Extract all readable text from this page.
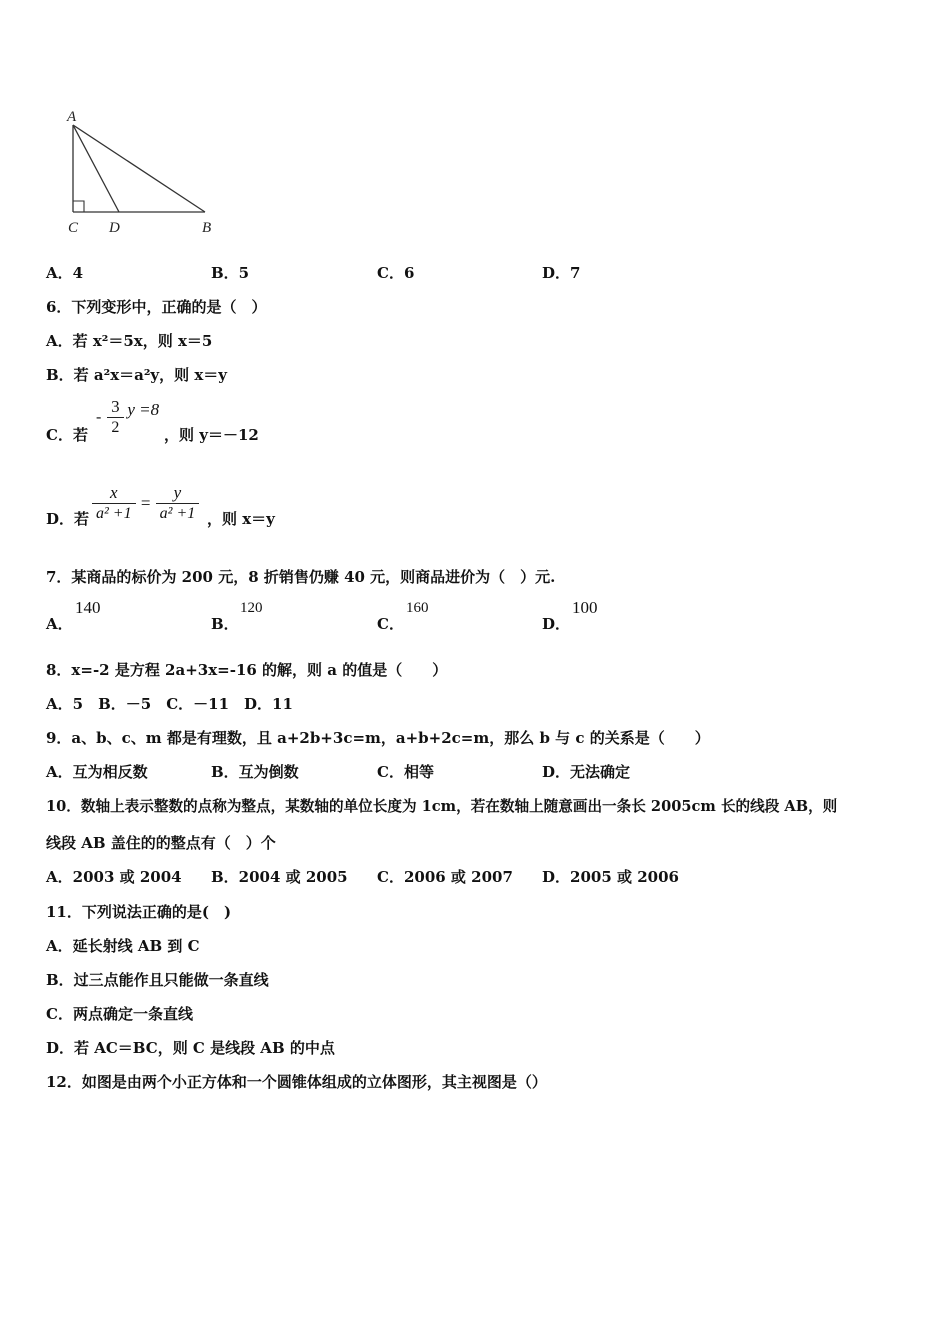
A
C D	B
A．4	B．5	C．6	D．7
6．下列变形中，正确的是（　）
A．若 x²＝5x，则 x＝5
B．若 a²x＝a²y，则 x＝y
C．若
- $\frac{3}{2}$ y =8
，则 y＝－12
D．若 $\frac{x}{\text{a² +1}} = \frac{y}{\text{a² +1}}$ ，则 x＝y
7．某商品的标价为 200 元，8 折销售仍赚 40 元，则商品进价为（　）元.
A．
140
B．
120
C．
160
D．
100
8．x=-2 是方程 2a+3x=-16 的解，则 a 的值是（　　）
A．5　B．－5　C．－11　D．11
9．a、b、c、m 都是有理数，且 a+2b+3c=m，a+b+2c=m，那么 b 与 c 的关系是（　　）
A．互为相反数	B．互为倒数	C．相等	D．无法确定
10．数轴上表示整数的点称为整点，某数轴的单位长度为 1cm，若在数轴上随意画出一条长 2005cm 长的线段 AB，则
线段 AB 盖住的的整点有（　）个
A．2003 或 2004 B．2004 或 2005 C．2006 或 2007 D．2005 或 2006
11．下列说法正确的是(　)
A．延长射线 AB 到 C
B．过三点能作且只能做一条直线
C．两点确定一条直线
D．若 AC＝BC，则 C 是线段 AB 的中点
12．如图是由两个小正方体和一个圆锥体组成的立体图形，其主视图是（）
